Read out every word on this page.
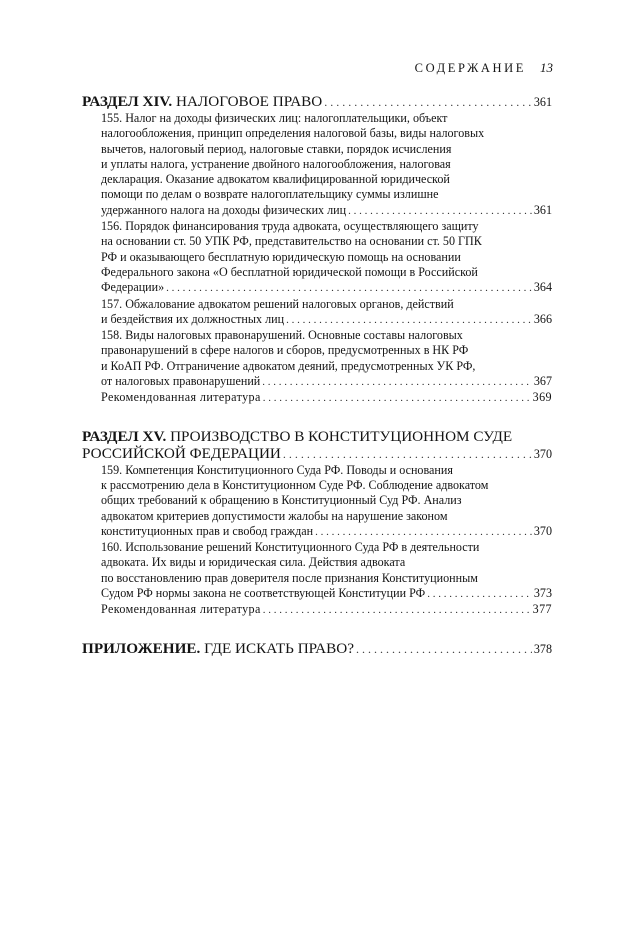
СОДЕРЖАНИЕ 13
РАЗДЕЛ XIV. НАЛОГОВОЕ ПРАВО . . .	361
155. Налог на доходы физических лиц: налогоплательщики, объект
налогообложения, принцип определения налоговой базы, виды налоговых
вычетов, налоговый период, налоговые ставки, порядок исчисления
и уплаты налога, устранение двойного налогообложения, налоговая
декларация. Оказание адвокатом квалифицированной юридической
помощи по делам о возврате налогоплательщику суммы излишне
удержанного налога на доходы физических лиц . . .	361
156. Порядок финансирования труда адвоката, осуществляющего защиту
на основании ст. 50 УПК РФ, представительство на основании ст. 50 ГПК
РФ и оказывающего бесплатную юридическую помощь на основании
Федерального закона «О бесплатной юридической помощи в Российской
Федерации» . . .	364
157. Обжалование адвокатом решений налоговых органов, действий
и бездействия их должностных лиц . . .	366
158. Виды налоговых правонарушений. Основные составы налоговых
правонарушений в сфере налогов и сборов, предусмотренных в НК РФ
и КоАП РФ. Отграничение адвокатом деяний, предусмотренных УК РФ,
от налоговых правонарушений . . .	367
Рекомендованная литература . . .	369
РАЗДЕЛ XV. ПРОИЗВОДСТВО В КОНСТИТУЦИОННОМ СУДЕ
РОССИЙСКОЙ ФЕДЕРАЦИИ . . .	370
159. Компетенция Конституционного Суда РФ. Поводы и основания
к рассмотрению дела в Конституционном Суде РФ. Соблюдение адвокатом
общих требований к обращению в Конституционный Суд РФ. Анализ
адвокатом критериев допустимости жалобы на нарушение законом
конституционных прав и свобод граждан . . .	370
160. Использование решений Конституционного Суда РФ в деятельности
адвоката. Их виды и юридическая сила. Действия адвоката
по восстановлению прав доверителя после признания Конституционным
Судом РФ нормы закона не соответствующей Конституции РФ . . .	373
Рекомендованная литература . . .	377
ПРИЛОЖЕНИЕ. ГДЕ ИСКАТЬ ПРАВО? . . .	378
